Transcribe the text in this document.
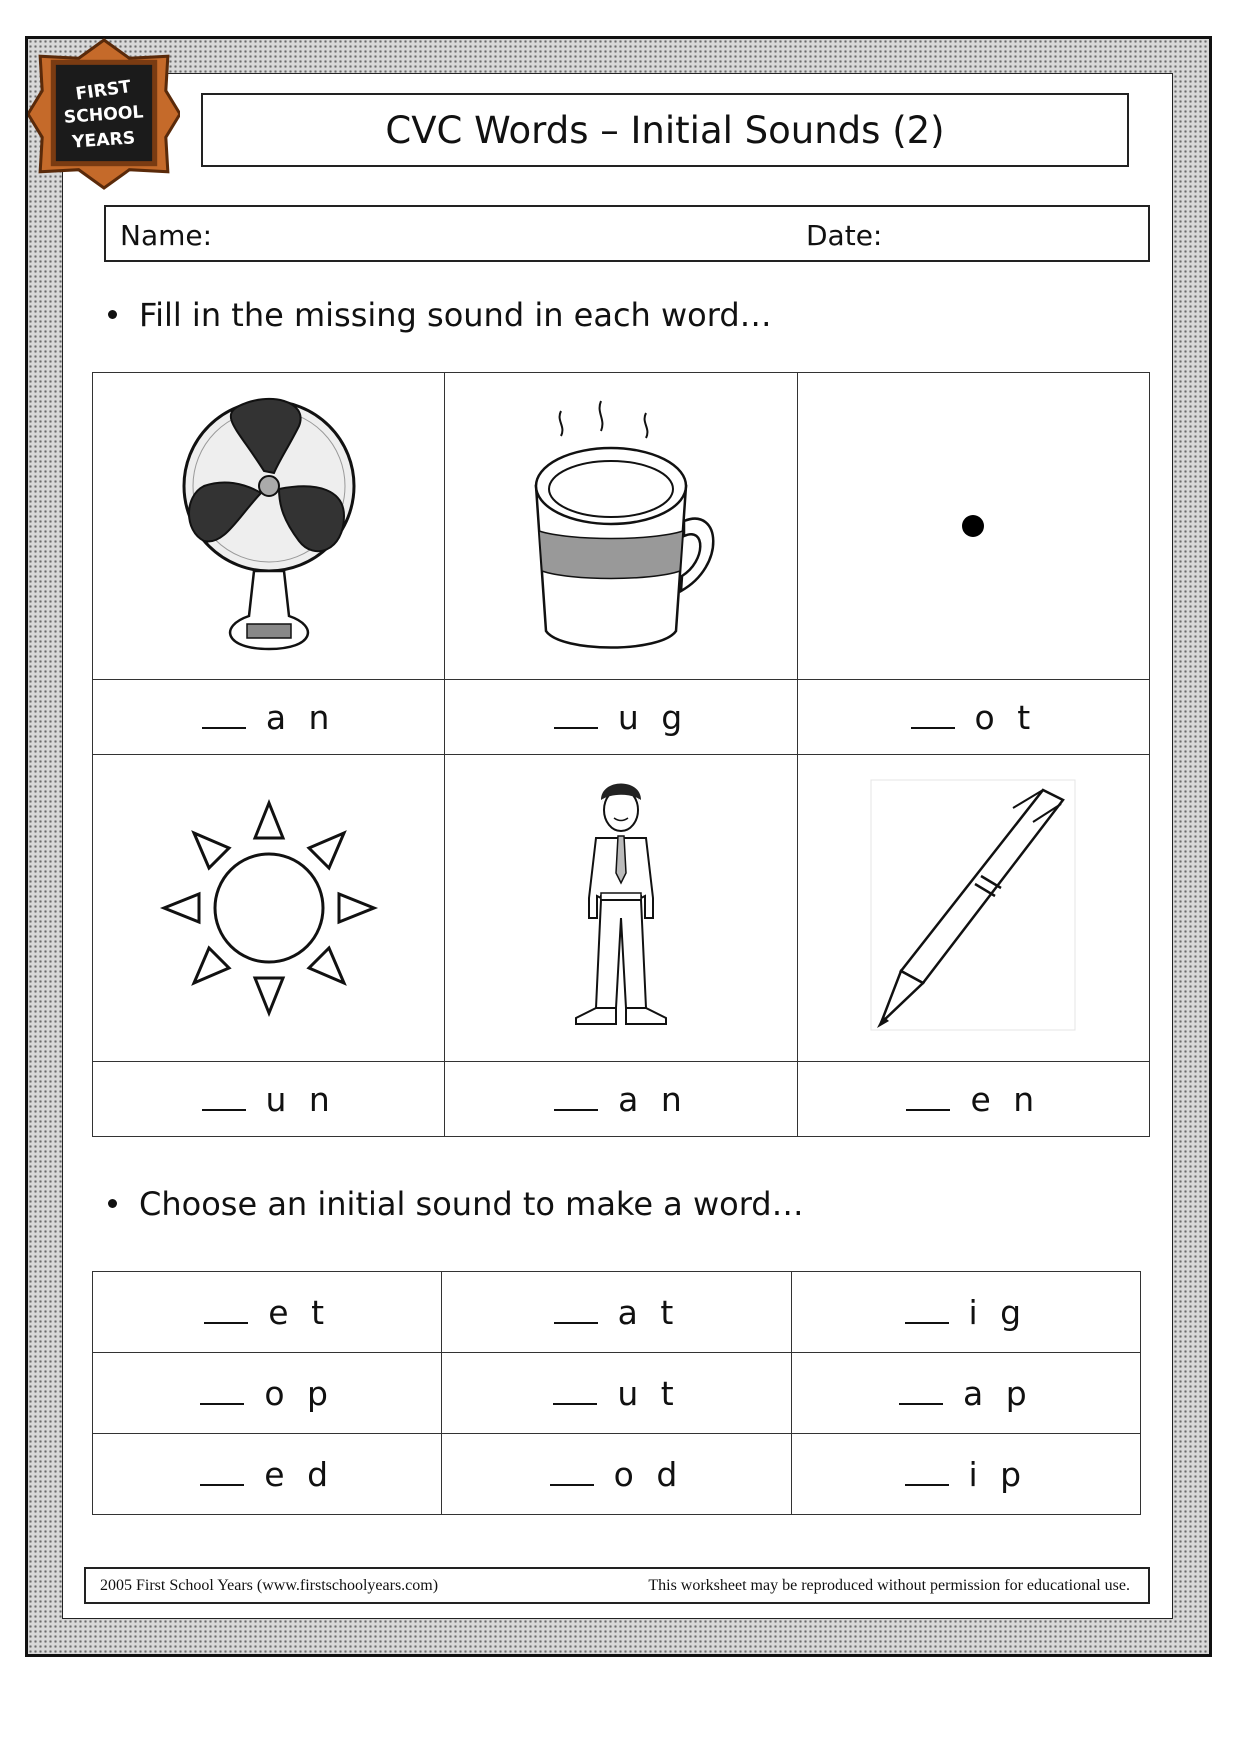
FIRST
SCHOOL
YEARS	CVC Words – Initial Sounds (2)
Name:	Date:
Fill in the missing sound in each word…

a n	u g	o t

u n	a n	e n
Choose an initial sound to make a word…
e t	a t	i g
o p	u t	a p
e d	o d	i p
2005 First School Years (www.firstschoolyears.com)	This worksheet may be reproduced without permission for educational use.
